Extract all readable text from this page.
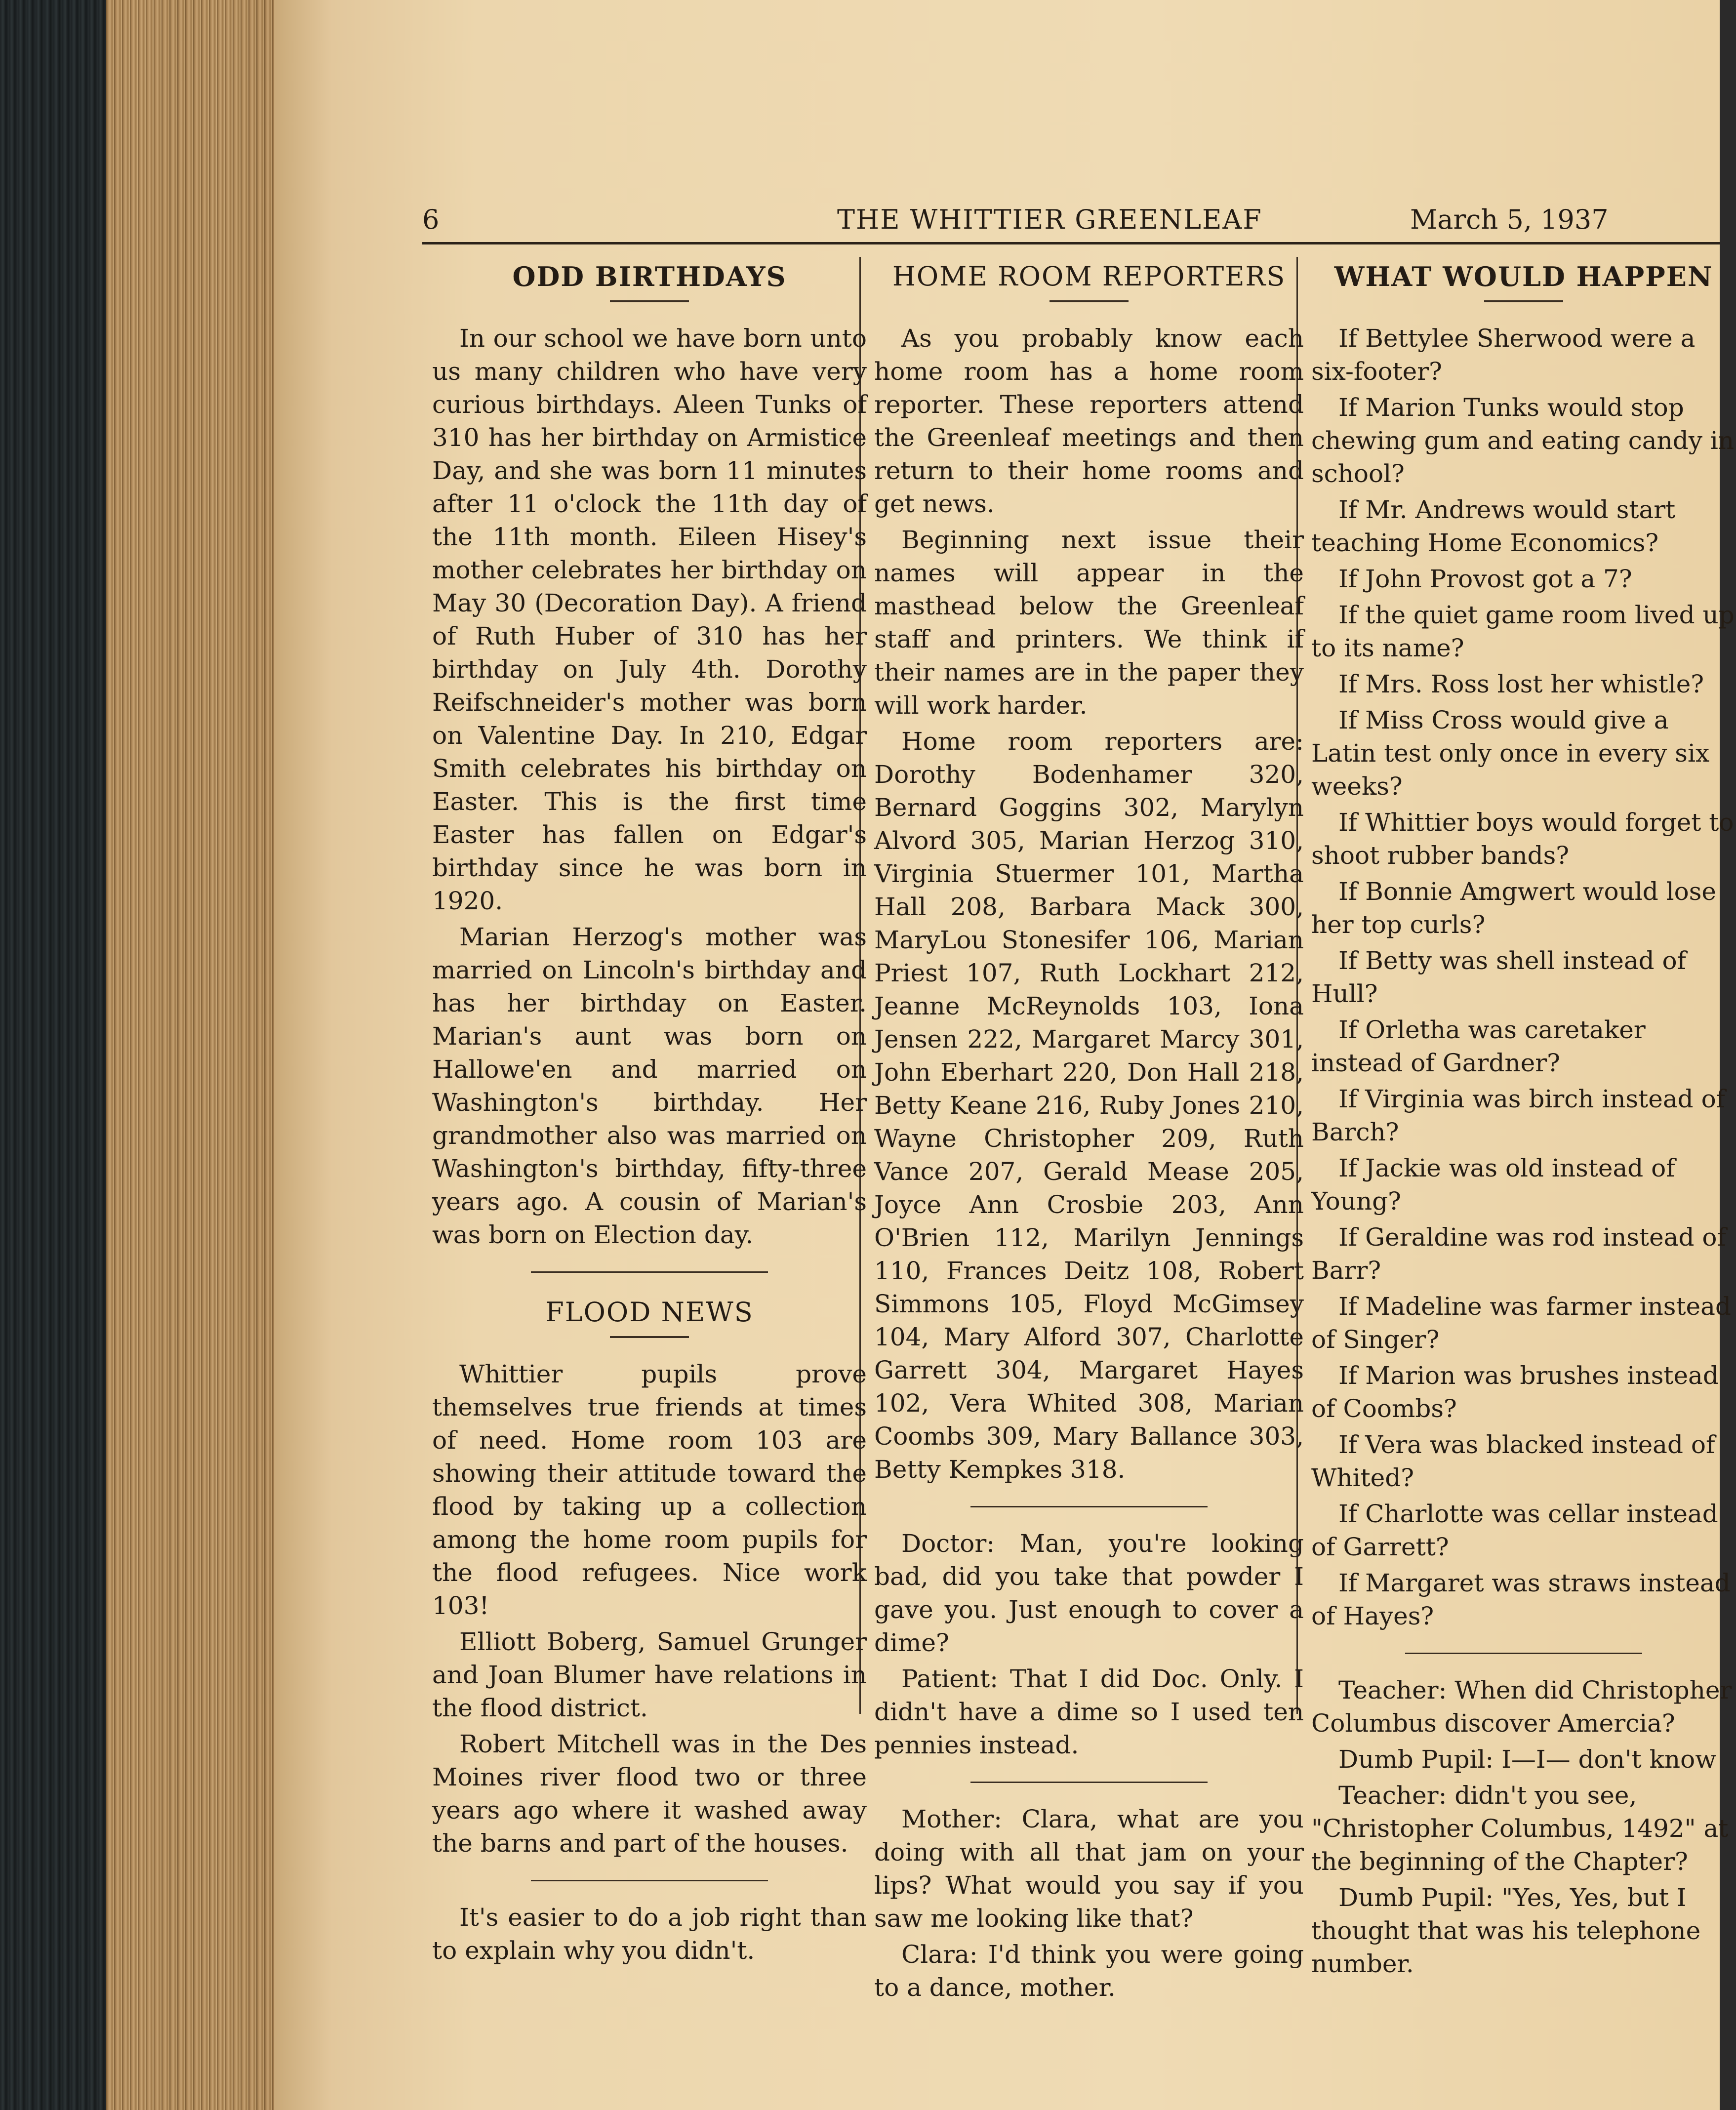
6	THE WHITTIER GREENLEAF	March 5, 1937
ODD BIRTHDAYS

In our school we have born unto us many children who have very curious birthdays. Aleen Tunks of 310 has her birthday on Armistice Day, and she was born 11 minutes after 11 o'clock the 11th day of the 11th month. Eileen Hisey's mother celebrates her birthday on May 30 (Decoration Day). A friend of Ruth Huber of 310 has her birthday on July 4th. Dorothy Reifschneider's mother was born on Valentine Day. In 210, Edgar Smith celebrates his birthday on Easter. This is the first time Easter has fallen on Edgar's birthday since he was born in 1920.

Marian Herzog's mother was married on Lincoln's birthday and has her birthday on Easter. Marian's aunt was born on Hallowe'en and married on Washington's birthday. Her grandmother also was married on Washington's birthday, fifty-three years ago. A cousin of Marian's was born on Election day.

FLOOD NEWS

Whittier pupils prove themselves true friends at times of need. Home room 103 are showing their attitude toward the flood by taking up a collection among the home room pupils for the flood refugees. Nice work 103!

Elliott Boberg, Samuel Grunger and Joan Blumer have relations in the flood district.

Robert Mitchell was in the Des Moines river flood two or three years ago where it washed away the barns and part of the houses.

It's easier to do a job right than to explain why you didn't.

HOME ROOM REPORTERS

As you probably know each home room has a home room reporter. These reporters attend the Greenleaf meetings and then return to their home rooms and get news.

Beginning next issue their names will appear in the masthead below the Greenleaf staff and printers. We think if their names are in the paper they will work harder.

Home room reporters are: Dorothy Bodenhamer 320, Bernard Goggins 302, Marylyn Alvord 305, Marian Herzog 310, Virginia Stuermer 101, Martha Hall 208, Barbara Mack 300, MaryLou Stonesifer 106, Marian Priest 107, Ruth Lockhart 212, Jeanne McReynolds 103, Iona Jensen 222, Margaret Marcy 301, John Eberhart 220, Don Hall 218, Betty Keane 216, Ruby Jones 210, Wayne Christopher 209, Ruth Vance 207, Gerald Mease 205, Joyce Ann Crosbie 203, Ann O'Brien 112, Marilyn Jennings 110, Frances Deitz 108, Robert Simmons 105, Floyd McGimsey 104, Mary Alford 307, Charlotte Garrett 304, Margaret Hayes 102, Vera Whited 308, Marian Coombs 309, Mary Ballance 303, Betty Kempkes 318.

Doctor: Man, you're looking bad, did you take that powder I gave you. Just enough to cover a dime?

Patient: That I did Doc. Only. I didn't have a dime so I used ten pennies instead.

Mother: Clara, what are you doing with all that jam on your lips? What would you say if you saw me looking like that?

Clara: I'd think you were going to a dance, mother.

WHAT WOULD HAPPEN

If Bettylee Sherwood were a six-footer?

If Marion Tunks would stop chewing gum and eating candy in school?

If Mr. Andrews would start teaching Home Economics?

If John Provost got a 7?

If the quiet game room lived up to its name?

If Mrs. Ross lost her whistle?

If Miss Cross would give a Latin test only once in every six weeks?

If Whittier boys would forget to shoot rubber bands?

If Bonnie Amgwert would lose her top curls?

If Betty was shell instead of Hull?

If Orletha was caretaker instead of Gardner?

If Virginia was birch instead of Barch?

If Jackie was old instead of Young?

If Geraldine was rod instead of Barr?

If Madeline was farmer instead of Singer?

If Marion was brushes instead of Coombs?

If Vera was blacked instead of Whited?

If Charlotte was cellar instead of Garrett?

If Margaret was straws instead of Hayes?

Teacher: When did Christopher Columbus discover Amercia?

Dumb Pupil: I—I— don't know

Teacher: didn't you see, "Christopher Columbus, 1492" at the beginning of the Chapter?

Dumb Pupil: "Yes, Yes, but I thought that was his telephone number.
